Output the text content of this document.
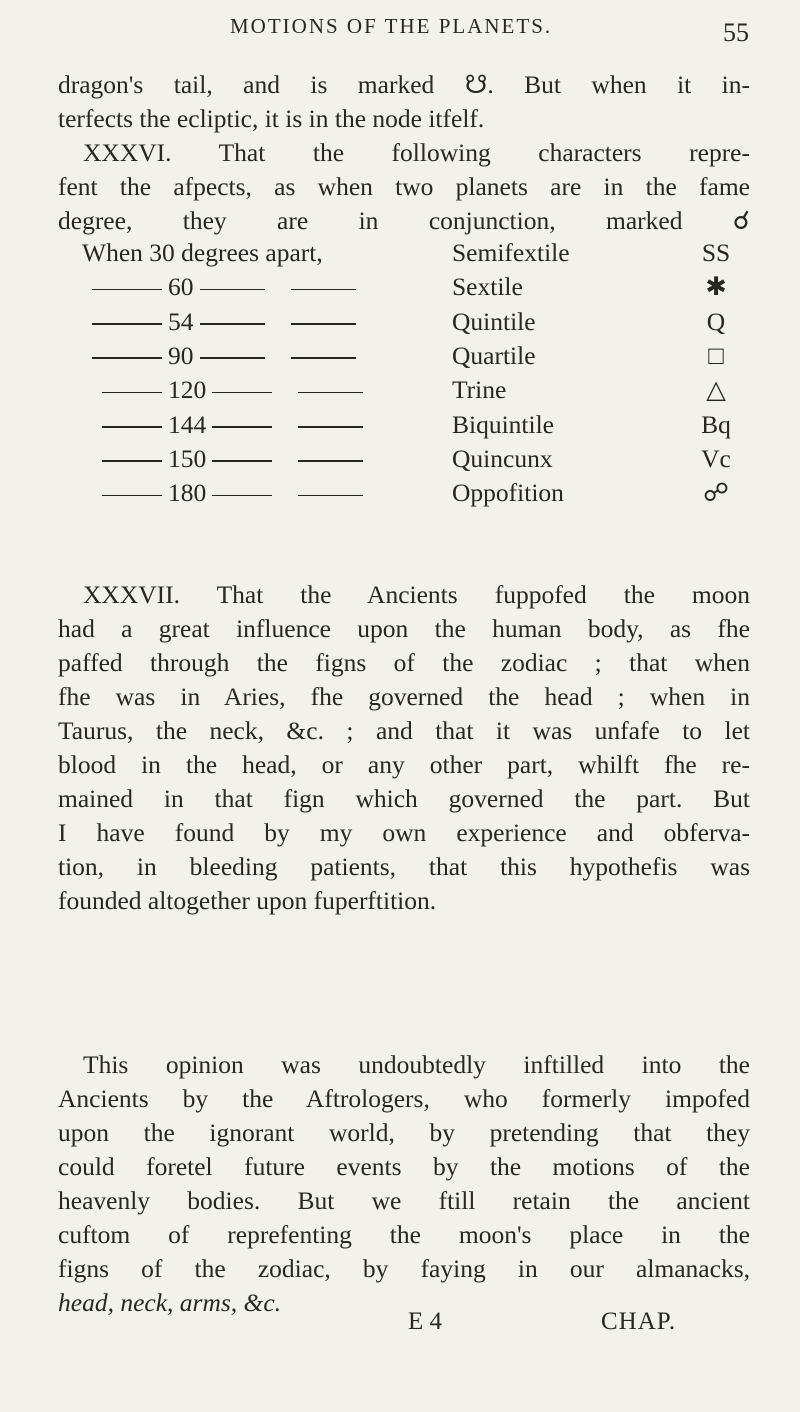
MOTIONS OF THE PLANETS.	55
dragon's tail, and is marked ☋. But when it in-
terfects the ecliptic, it is in the node itfelf.
XXXVI. That the following characters repre-
fent the afpects, as when two planets are in the fame
degree, they are in conjunction, marked ☌
When 30 degrees apart,	Semifextile	SS
60	Sextile	✱
54	Quintile	Q
90	Quartile	□
120	Trine	△
144	Biquintile	Bq
150	Quincunx	Vc
180	Oppofition	☍
XXXVII. That the Ancients fuppofed the moon
had a great influence upon the human body, as fhe
paffed through the figns of the zodiac ; that when
fhe was in Aries, fhe governed the head ; when in
Taurus, the neck, &c. ; and that it was unfafe to let
blood in the head, or any other part, whilft fhe re-
mained in that fign which governed the part. But
I have found by my own experience and obferva-
tion, in bleeding patients, that this hypothefis was
founded altogether upon fuperftition.
This opinion was undoubtedly inftilled into the
Ancients by the Aftrologers, who formerly impofed
upon the ignorant world, by pretending that they
could foretel future events by the motions of the
heavenly bodies. But we ftill retain the ancient
cuftom of reprefenting the moon's place in the
figns of the zodiac, by faying in our almanacks,
head, neck, arms, &c.
E 4	CHAP.
